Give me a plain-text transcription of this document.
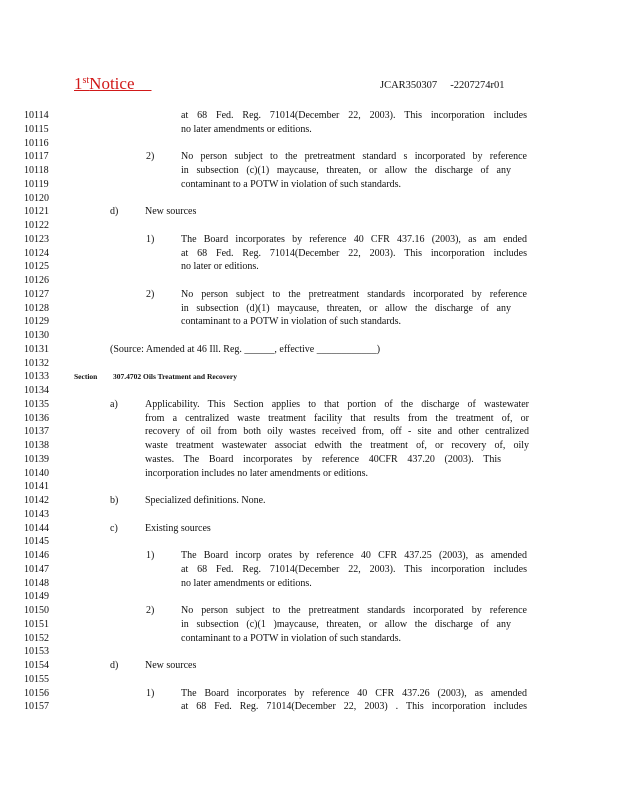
1stNotice	JCAR350307     -2207274r01
10114	at 68 Fed. Reg. 71014(December 22, 2003). This incorporation includes
10115	no later amendments or editions.
10116
10117	2)	No person subject to the pretreatment standard s incorporated by reference
10118	in subsection (c)(1) maycause, threaten, or allow the discharge of any
10119	contaminant to a POTW in violation of such standards.
10120
10121	d)	New sources
10122
10123	1)	The Board incorporates by reference 40 CFR 437.16 (2003), as am ended
10124	at 68 Fed. Reg. 71014(December 22, 2003). This incorporation includes
10125	no later or editions.
10126
10127	2)	No person subject to the pretreatment standards incorporated by reference
10128	in subsection (d)(1) maycause, threaten, or allow the discharge of any
10129	contaminant to a POTW in violation of such standards.
10130
10131	(Source: Amended at 46 Ill. Reg. ______, effective ____________)
10132
10133	Section 307.4702 Oils Treatment and Recovery
10134
10135	a)	Applicability. This Section applies to that portion of the discharge of wastewater
10136	from a centralized waste treatment facility that results from the treatment of, or
10137	recovery of oil from both oily wastes received from, off - site and other centralized
10138	waste treatment wastewater associat edwith the treatment of, or recovery of, oily
10139	wastes. The Board incorporates by reference 40CFR 437.20 (2003). This
10140	incorporation includes no later amendments or editions.
10141
10142	b)	Specialized definitions. None.
10143
10144	c)	Existing sources
10145
10146	1)	The Board incorp orates by reference 40 CFR 437.25 (2003), as amended
10147	at 68 Fed. Reg. 71014(December 22, 2003). This incorporation includes
10148	no later amendments or editions.
10149
10150	2)	No person subject to the pretreatment standards incorporated by reference
10151	in subsection (c)(1 )maycause, threaten, or allow the discharge of any
10152	contaminant to a POTW in violation of such standards.
10153
10154	d)	New sources
10155
10156	1)	The Board incorporates by reference 40 CFR 437.26 (2003), as amended
10157	at 68 Fed. Reg. 71014(December 22, 2003) . This incorporation includes
